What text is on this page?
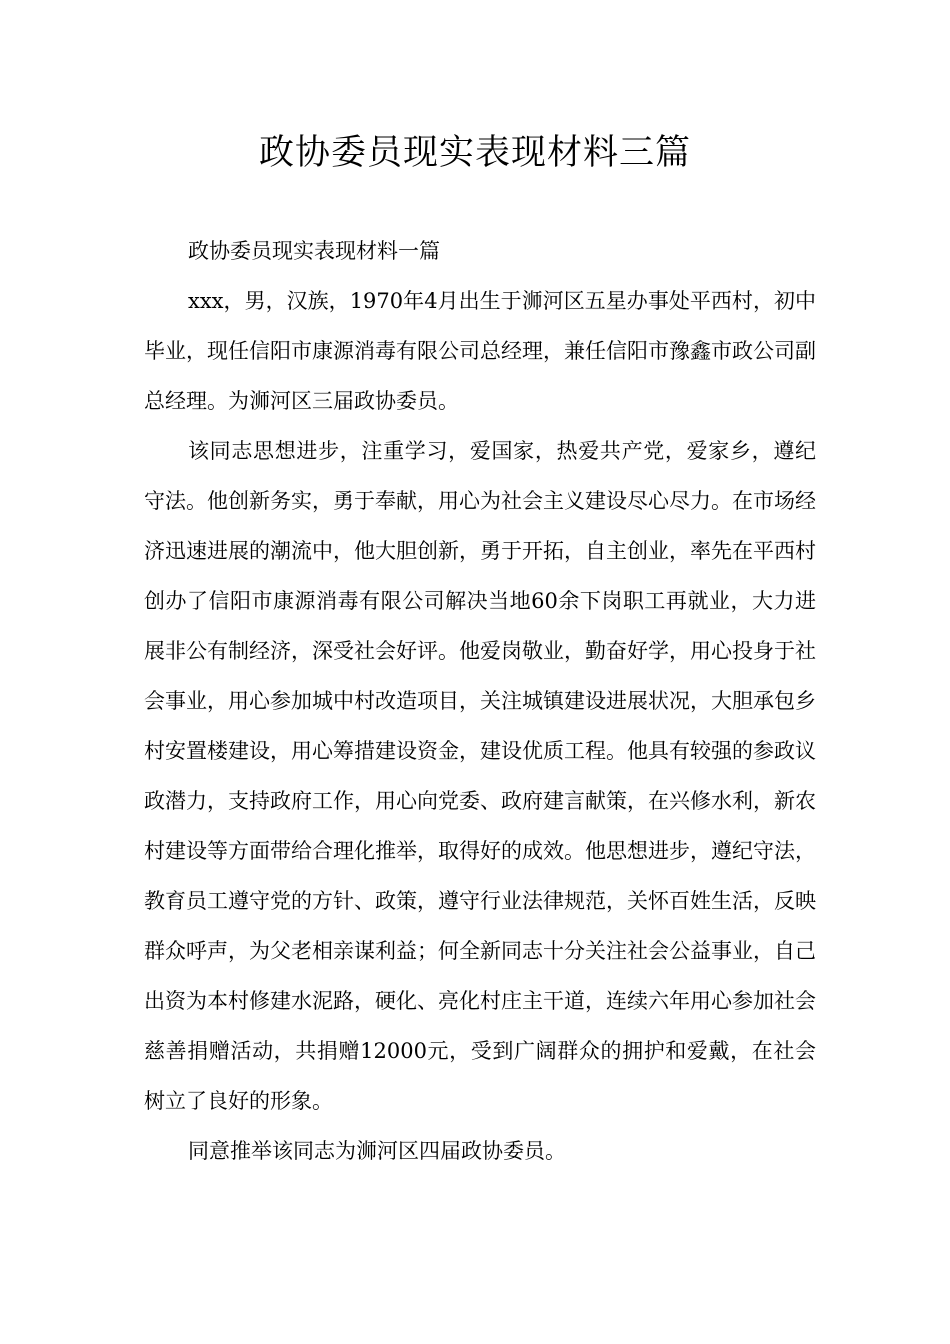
政协委员现实表现材料三篇

政协委员现实表现材料一篇

xxx，男，汉族，1970年4月出生于浉河区五星办事处平西村，初中毕业，现任信阳市康源消毒有限公司总经理，兼任信阳市豫鑫市政公司副总经理。为浉河区三届政协委员。

该同志思想进步，注重学习，爱国家，热爱共产党，爱家乡，遵纪守法。他创新务实，勇于奉献，用心为社会主义建设尽心尽力。在市场经济迅速进展的潮流中，他大胆创新，勇于开拓，自主创业，率先在平西村创办了信阳市康源消毒有限公司解决当地60余下岗职工再就业，大力进展非公有制经济，深受社会好评。他爱岗敬业，勤奋好学，用心投身于社会事业，用心参加城中村改造项目，关注城镇建设进展状况，大胆承包乡村安置楼建设，用心筹措建设资金，建设优质工程。他具有较强的参政议政潜力，支持政府工作，用心向党委、政府建言献策，在兴修水利，新农村建设等方面带给合理化推举，取得好的成效。他思想进步，遵纪守法，教育员工遵守党的方针、政策，遵守行业法律规范，关怀百姓生活，反映群众呼声，为父老相亲谋利益；何全新同志十分关注社会公益事业，自己出资为本村修建水泥路，硬化、亮化村庄主干道，连续六年用心参加社会慈善捐赠活动，共捐赠12000元，受到广阔群众的拥护和爱戴，在社会树立了良好的形象。

同意推举该同志为浉河区四届政协委员。
